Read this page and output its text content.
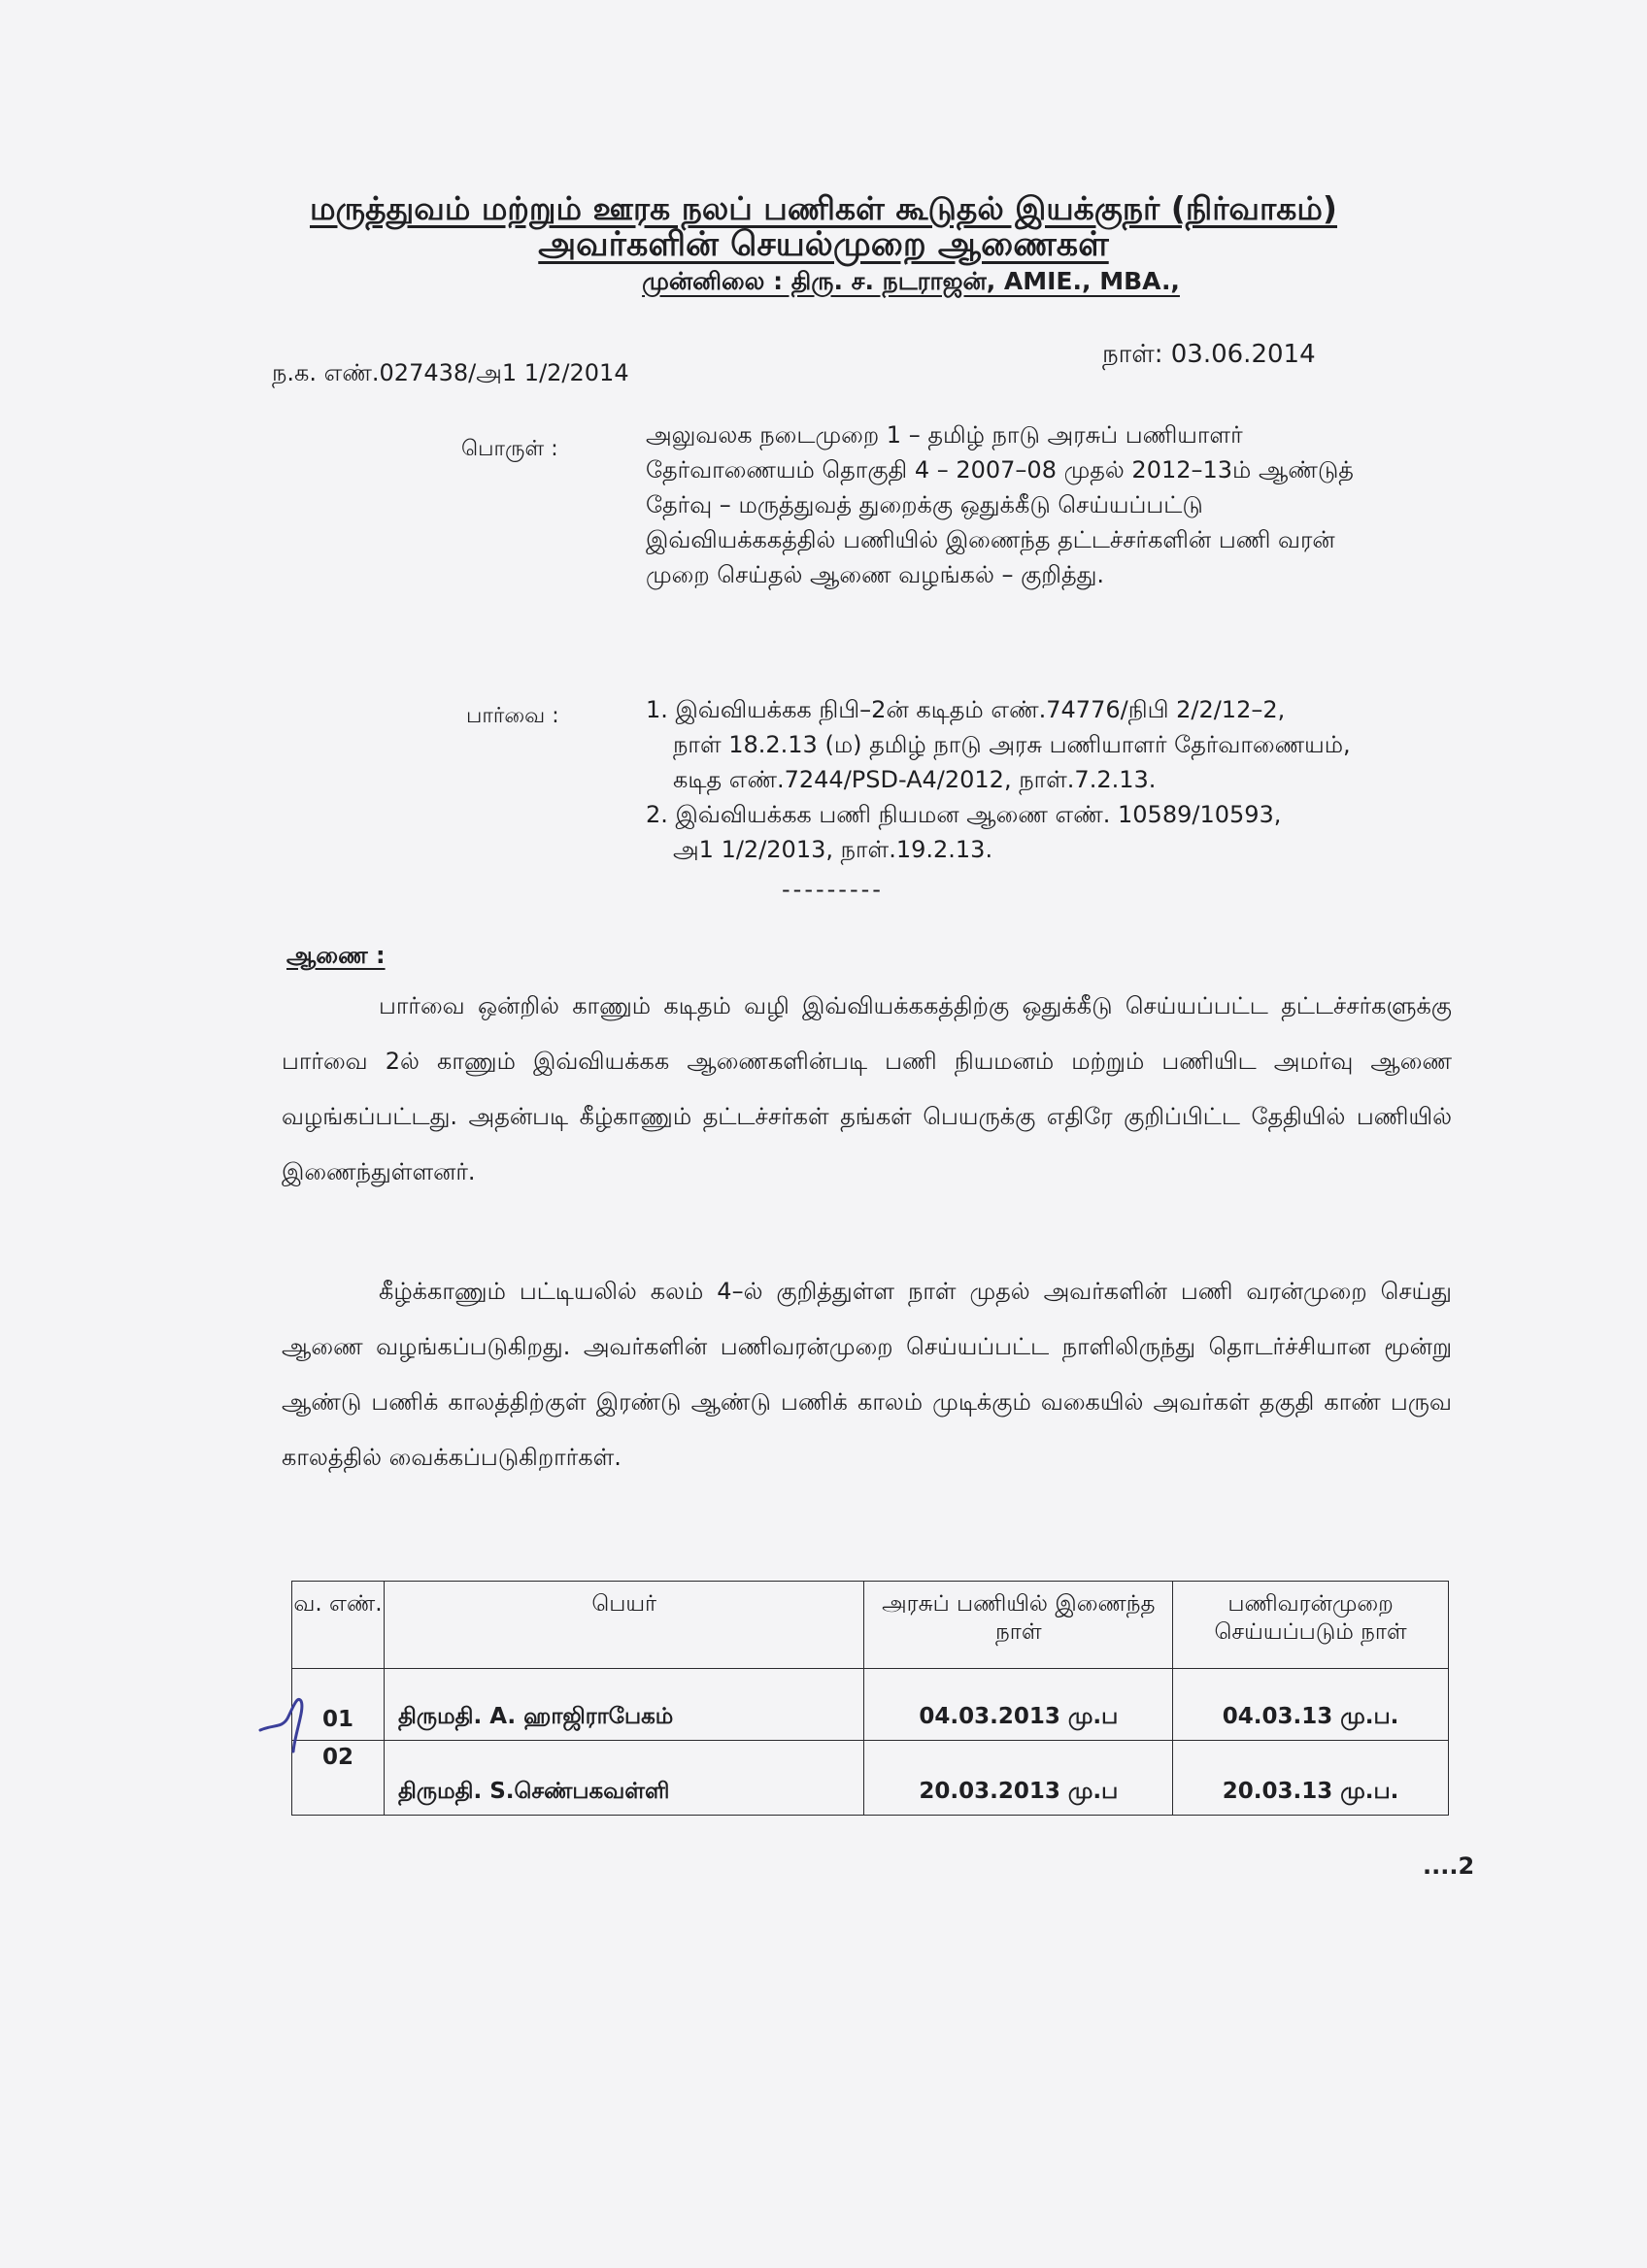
மருத்துவம் மற்றும் ஊரக நலப் பணிகள் கூடுதல் இயக்குநர் (நிர்வாகம்)
அவர்களின் செயல்முறை ஆணைகள்
முன்னிலை : திரு. ச. நடராஜன், AMIE., MBA.,
ந.க. எண்.027438/அ1 1/2/2014
நாள்: 03.06.2014
பொருள் :
அலுவலக நடைமுறை 1 – தமிழ் நாடு அரசுப் பணியாளர் தேர்வாணையம் தொகுதி 4 – 2007–08 முதல் 2012–13ம் ஆண்டுத் தேர்வு – மருத்துவத் துறைக்கு ஒதுக்கீடு செய்யப்பட்டு இவ்வியக்ககத்தில் பணியில் இணைந்த தட்டச்சர்களின் பணி வரன் முறை செய்தல் ஆணை வழங்கல் – குறித்து.
பார்வை :	1. இவ்வியக்கக நிபி–2ன் கடிதம் எண்.74776/நிபி 2/2/12–2,

நாள் 18.2.13 (ம) தமிழ் நாடு அரசு பணியாளர் தேர்வாணையம்,

கடித எண்.7244/PSD-A4/2012, நாள்.7.2.13.

2. இவ்வியக்கக பணி நியமன ஆணை எண். 10589/10593,

அ1 1/2/2013, நாள்.19.2.13.

---------
ஆணை :
பார்வை ஒன்றில் காணும் கடிதம் வழி இவ்வியக்ககத்திற்கு ஒதுக்கீடு செய்யப்பட்ட தட்டச்சர்களுக்கு பார்வை 2ல் காணும் இவ்வியக்கக ஆணைகளின்படி பணி நியமனம் மற்றும் பணியிட அமர்வு ஆணை வழங்கப்பட்டது. அதன்படி கீழ்காணும் தட்டச்சர்கள் தங்கள் பெயருக்கு எதிரே குறிப்பிட்ட தேதியில் பணியில் இணைந்துள்ளனர்.
கீழ்க்காணும் பட்டியலில் கலம் 4–ல் குறித்துள்ள நாள் முதல் அவர்களின் பணி வரன்முறை செய்து ஆணை வழங்கப்படுகிறது. அவர்களின் பணிவரன்முறை செய்யப்பட்ட நாளிலிருந்து தொடர்ச்சியான மூன்று ஆண்டு பணிக் காலத்திற்குள் இரண்டு ஆண்டு பணிக் காலம் முடிக்கும் வகையில் அவர்கள் தகுதி காண் பருவ காலத்தில் வைக்கப்படுகிறார்கள்.
வ. எண்.	பெயர்	அரசுப் பணியில் இணைந்த நாள்	பணிவரன்முறை செய்யப்படும் நாள்
01	திருமதி. A. ஹாஜிராபேகம்	04.03.2013 மு.ப	04.03.13 மு.ப.
02	திருமதி. S.செண்பகவள்ளி	20.03.2013 மு.ப	20.03.13 மு.ப.
....2
